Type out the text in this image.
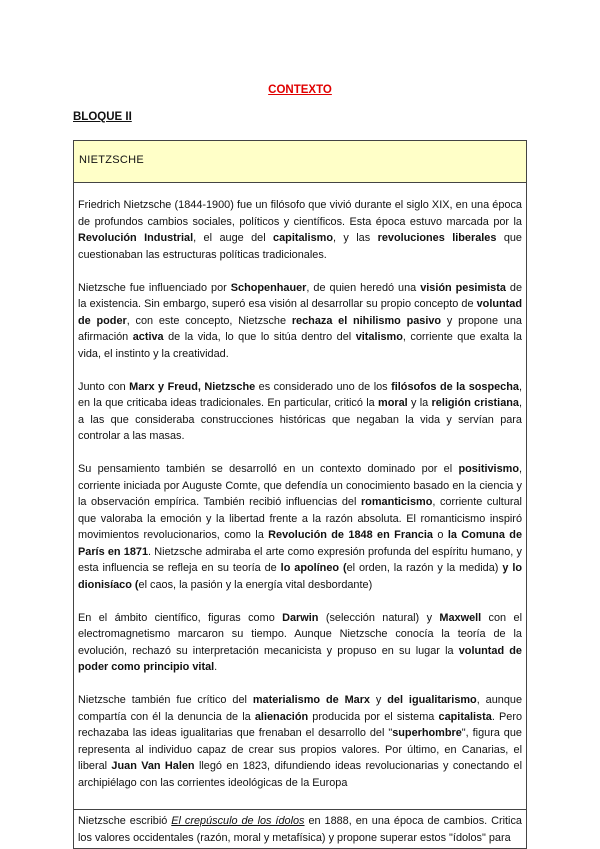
CONTEXTO
BLOQUE II
NIETZSCHE

Friedrich Nietzsche (1844-1900) fue un filósofo que vivió durante el siglo XIX, en una época de profundos cambios sociales, políticos y científicos. Esta época estuvo marcada por la Revolución Industrial, el auge del capitalismo, y las revoluciones liberales que cuestionaban las estructuras políticas tradicionales.

Nietzsche fue influenciado por Schopenhauer, de quien heredó una visión pesimista de la existencia. Sin embargo, superó esa visión al desarrollar su propio concepto de voluntad de poder, con este concepto, Nietzsche rechaza el nihilismo pasivo y propone una afirmación activa de la vida, lo que lo sitúa dentro del vitalismo, corriente que exalta la vida, el instinto y la creatividad.

Junto con Marx y Freud, Nietzsche es considerado uno de los filósofos de la sospecha, en la que criticaba ideas tradicionales. En particular, criticó la moral y la religión cristiana, a las que consideraba construcciones históricas que negaban la vida y servían para controlar a las masas.

Su pensamiento también se desarrolló en un contexto dominado por el positivismo, corriente iniciada por Auguste Comte, que defendía un conocimiento basado en la ciencia y la observación empírica. También recibió influencias del romanticismo, corriente cultural que valoraba la emoción y la libertad frente a la razón absoluta. El romanticismo inspiró movimientos revolucionarios, como la Revolución de 1848 en Francia o la Comuna de París en 1871. Nietzsche admiraba el arte como expresión profunda del espíritu humano, y esta influencia se refleja en su teoría de lo apolíneo (el orden, la razón y la medida) y lo dionisíaco (el caos, la pasión y la energía vital desbordante)

En el ámbito científico, figuras como Darwin (selección natural) y Maxwell con el electromagnetismo marcaron su tiempo. Aunque Nietzsche conocía la teoría de la evolución, rechazó su interpretación mecanicista y propuso en su lugar la voluntad de poder como principio vital.

Nietzsche también fue crítico del materialismo de Marx y del igualitarismo, aunque compartía con él la denuncia de la alienación producida por el sistema capitalista. Pero rechazaba las ideas igualitarias que frenaban el desarrollo del "superhombre", figura que representa al individuo capaz de crear sus propios valores. Por último, en Canarias, el liberal Juan Van Halen llegó en 1823, difundiendo ideas revolucionarias y conectando el archipiélago con las corrientes ideológicas de la Europa

Nietzsche escribió El crepúsculo de los ídolos en 1888, en una época de cambios. Critica los valores occidentales (razón, moral y metafísica) y propone superar estos "ídolos" para
